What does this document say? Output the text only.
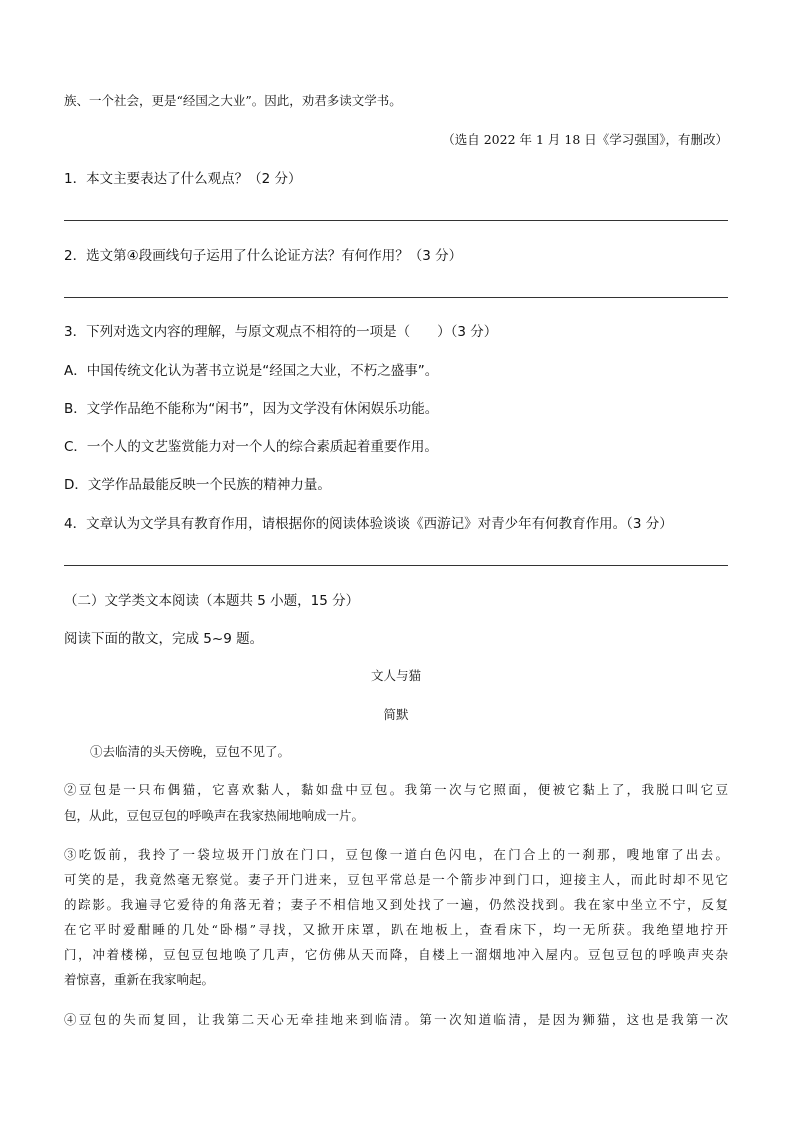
族、一个社会，更是“经国之大业”。因此，劝君多读文学书。
（选自 2022 年 1 月 18 日《学习强国》，有删改）
1．本文主要表达了什么观点？（2 分）
2．选文第④段画线句子运用了什么论证方法？有何作用？（3 分）
3．下列对选文内容的理解，与原文观点不相符的一项是（　　）（3 分）
A．中国传统文化认为著书立说是“经国之大业，不朽之盛事”。
B．文学作品绝不能称为“闲书”，因为文学没有休闲娱乐功能。
C．一个人的文艺鉴赏能力对一个人的综合素质起着重要作用。
D．文学作品最能反映一个民族的精神力量。
4．文章认为文学具有教育作用，请根据你的阅读体验谈谈《西游记》对青少年有何教育作用。（3 分）
（二）文学类文本阅读（本题共 5 小题，15 分）
阅读下面的散文，完成 5~9 题。
文人与猫
简默
①去临清的头天傍晚，豆包不见了。
②豆包是一只布偶猫，它喜欢黏人，黏如盘中豆包。我第一次与它照面，便被它黏上了，我脱口叫它豆
包，从此，豆包豆包的呼唤声在我家热闹地响成一片。
③吃饭前，我拎了一袋垃圾开门放在门口，豆包像一道白色闪电，在门合上的一刹那，嗖地窜了出去。
可笑的是，我竟然毫无察觉。妻子开门进来，豆包平常总是一个箭步冲到门口，迎接主人，而此时却不见它
的踪影。我遍寻它爱待的角落无着；妻子不相信地又到处找了一遍，仍然没找到。我在家中坐立不宁，反复
在它平时爱酣睡的几处“卧榻”寻找，又掀开床罩，趴在地板上，查看床下，均一无所获。我绝望地拧开
门，冲着楼梯，豆包豆包地唤了几声，它仿佛从天而降，自楼上一溜烟地冲入屋内。豆包豆包的呼唤声夹杂
着惊喜，重新在我家响起。
④豆包的失而复回，让我第二天心无牵挂地来到临清。第一次知道临清，是因为狮猫，这也是我第一次
